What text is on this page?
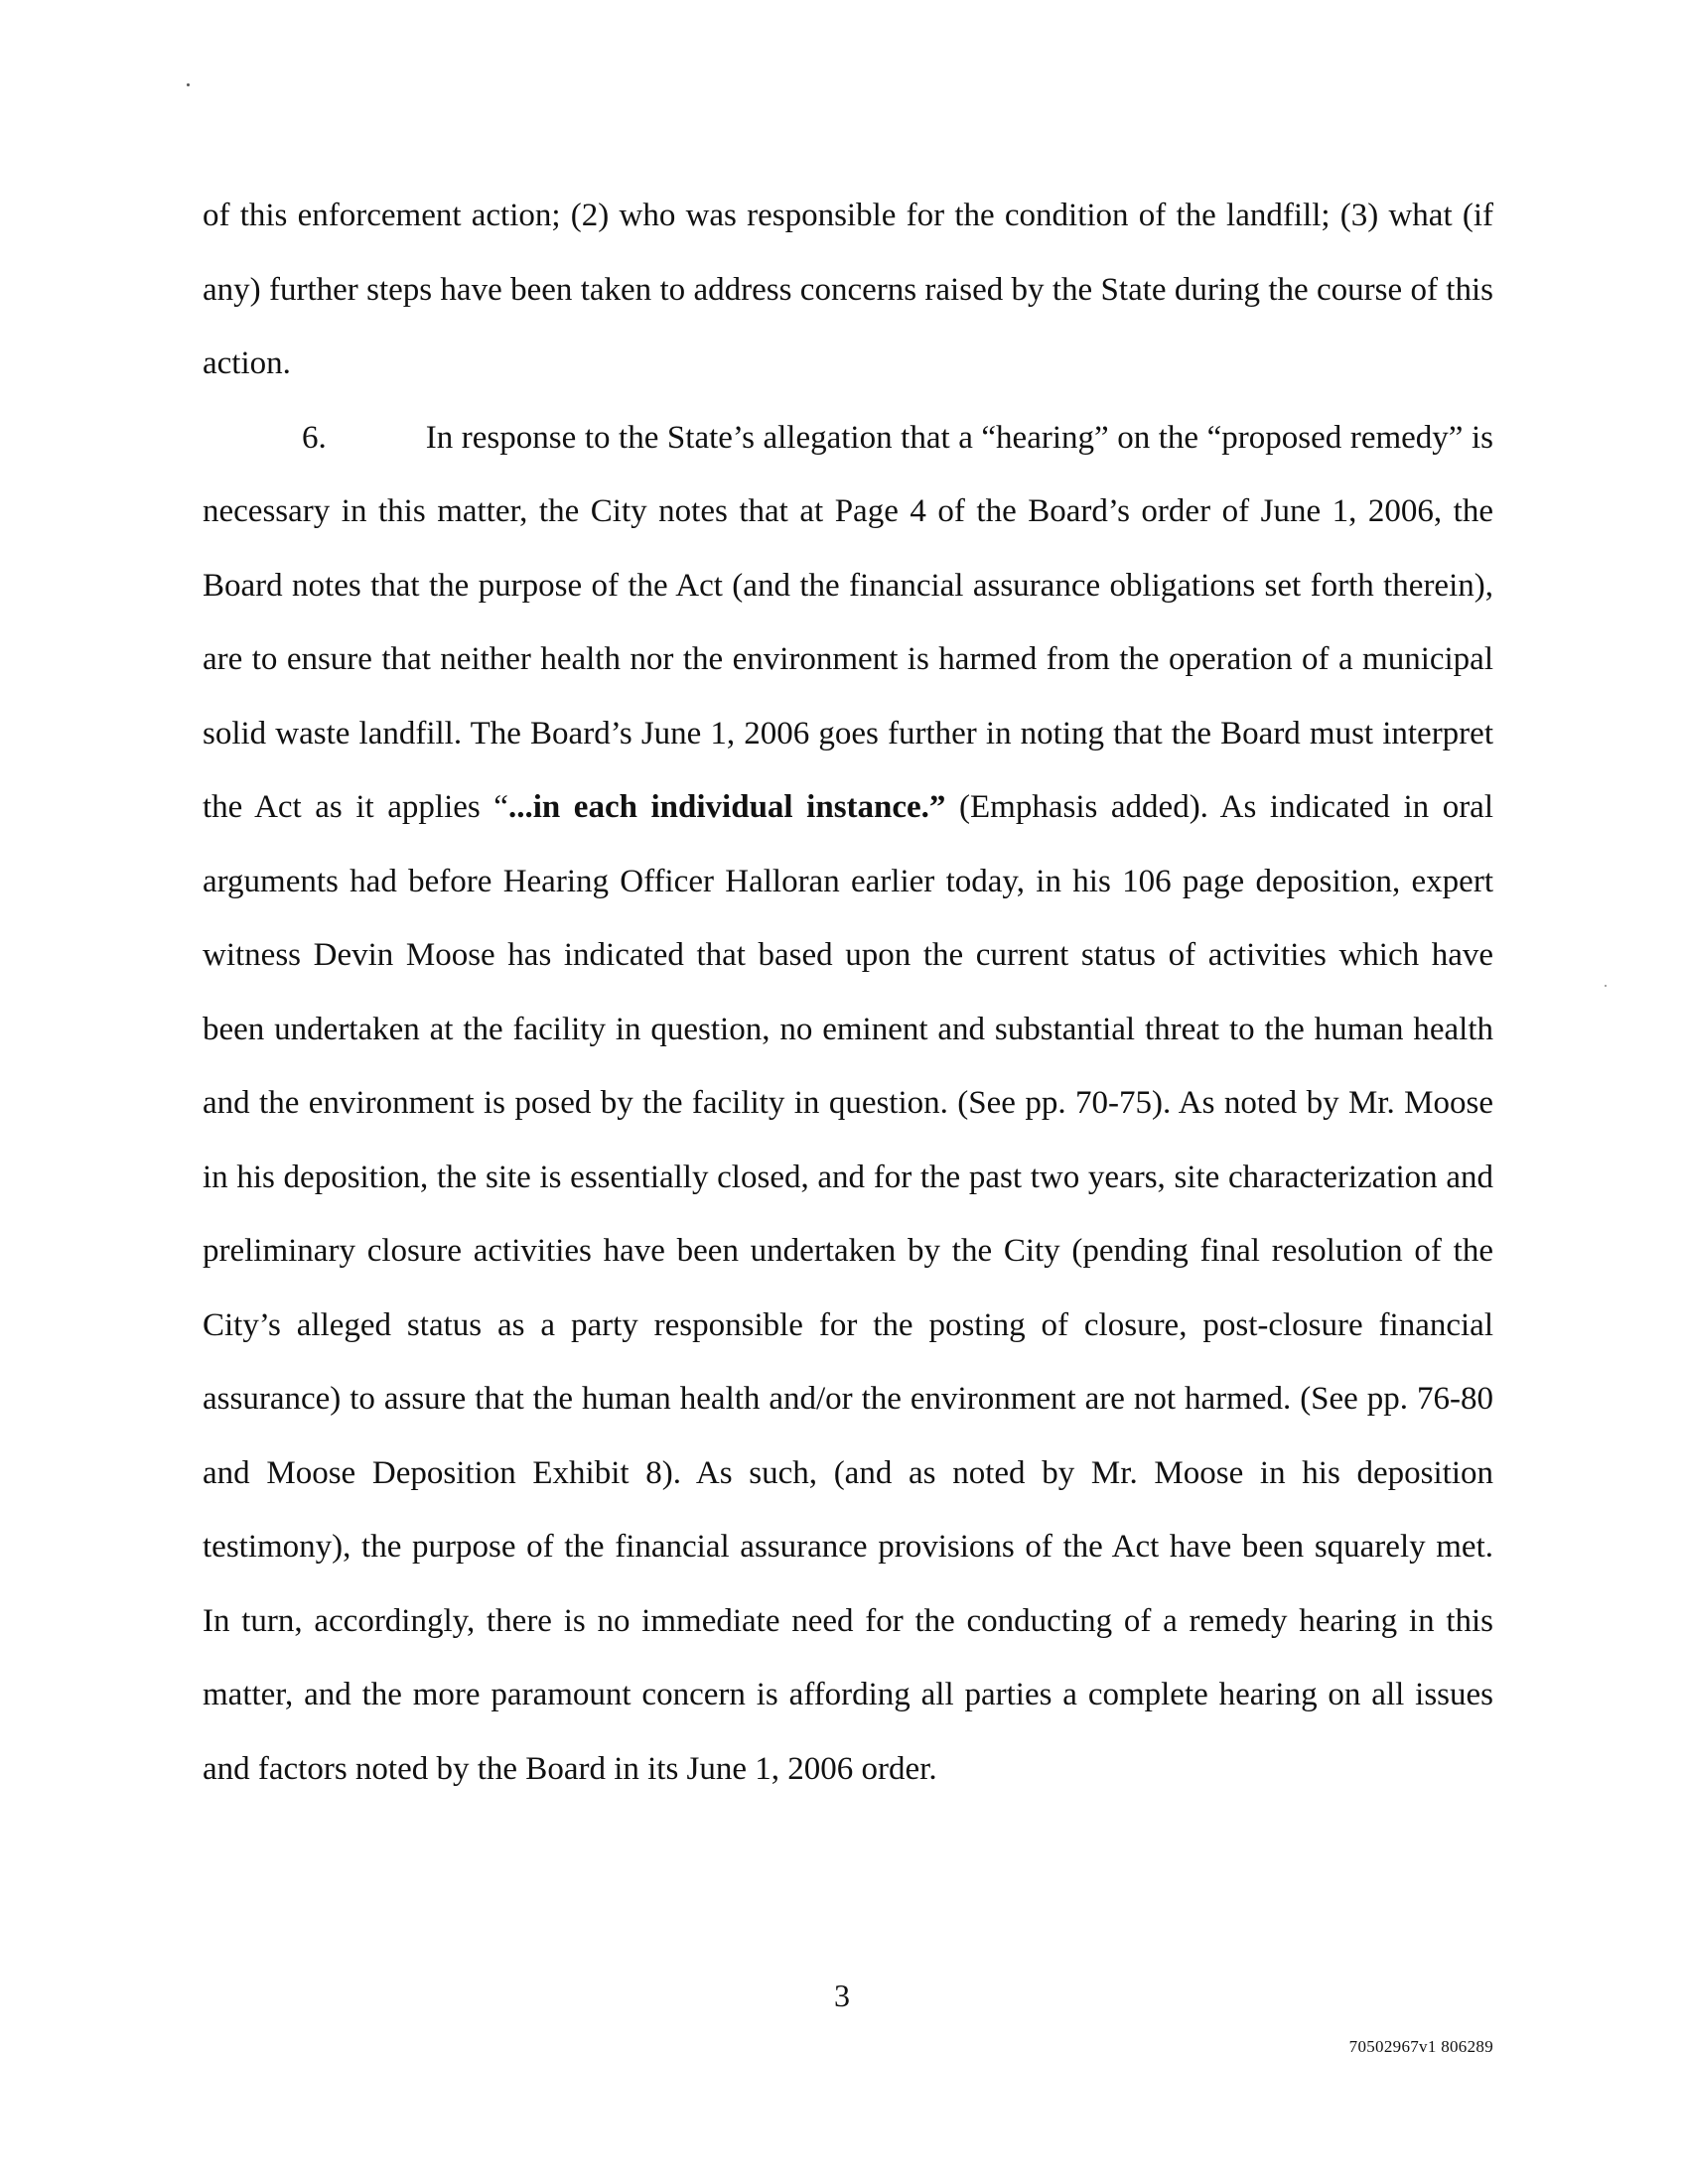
of this enforcement action; (2) who was responsible for the condition of the landfill; (3) what (if any) further steps have been taken to address concerns raised by the State during the course of this action.

6.	In response to the State’s allegation that a “hearing” on the “proposed remedy” is necessary in this matter, the City notes that at Page 4 of the Board’s order of June 1, 2006, the Board notes that the purpose of the Act (and the financial assurance obligations set forth therein), are to ensure that neither health nor the environment is harmed from the operation of a municipal solid waste landfill. The Board’s June 1, 2006 goes further in noting that the Board must interpret the Act as it applies “...in each individual instance.” (Emphasis added). As indicated in oral arguments had before Hearing Officer Halloran earlier today, in his 106 page deposition, expert witness Devin Moose has indicated that based upon the current status of activities which have been undertaken at the facility in question, no eminent and substantial threat to the human health and the environment is posed by the facility in question. (See pp. 70-75). As noted by Mr. Moose in his deposition, the site is essentially closed, and for the past two years, site characterization and preliminary closure activities have been undertaken by the City (pending final resolution of the City’s alleged status as a party responsible for the posting of closure, post-closure financial assurance) to assure that the human health and/or the environment are not harmed. (See pp. 76-80 and Moose Deposition Exhibit 8). As such, (and as noted by Mr. Moose in his deposition testimony), the purpose of the financial assurance provisions of the Act have been squarely met. In turn, accordingly, there is no immediate need for the conducting of a remedy hearing in this matter, and the more paramount concern is affording all parties a complete hearing on all issues and factors noted by the Board in its June 1, 2006 order.

3
70502967v1 806289
